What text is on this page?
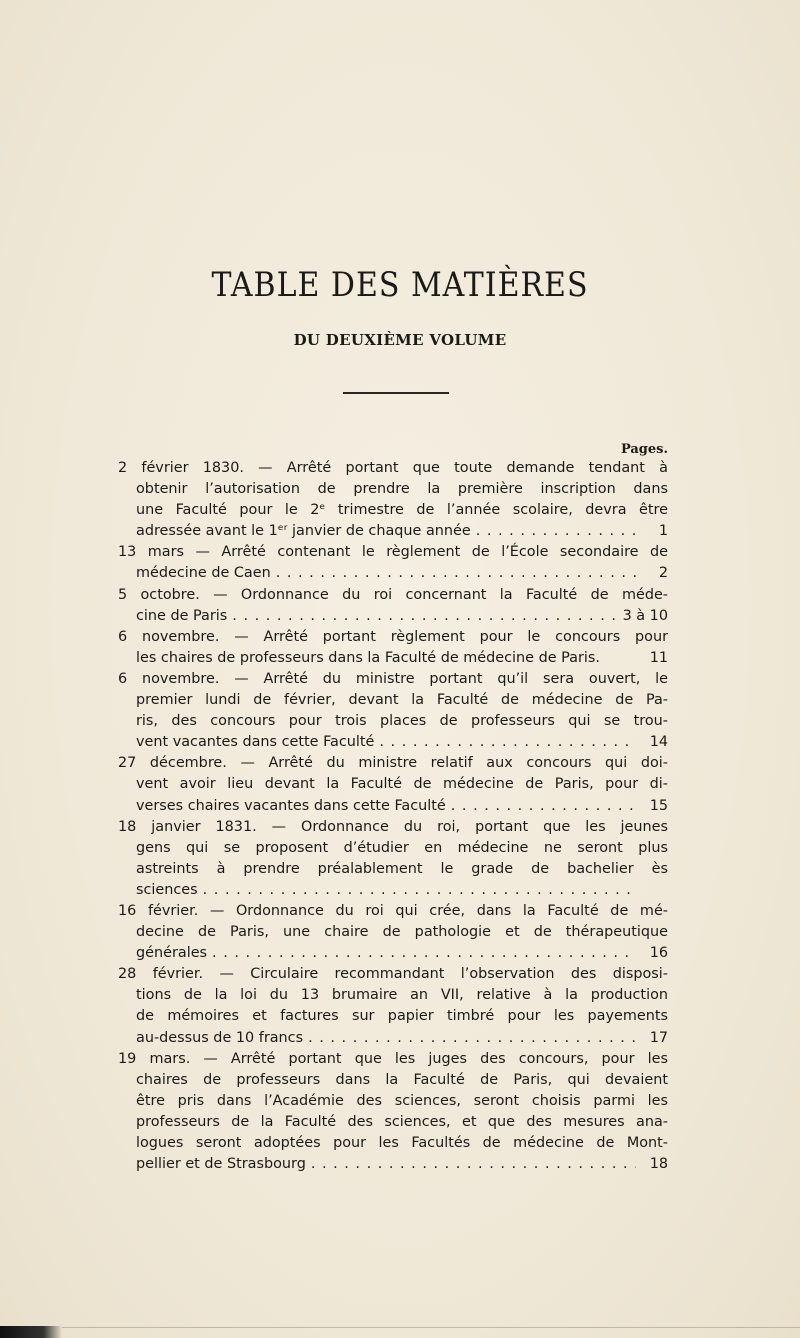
TABLE DES MATIÈRES
DU DEUXIÈME VOLUME
Pages.
2 février 1830. — Arrêté portant que toute demande tendant à
obtenir l’autorisation de prendre la première inscription dans
une Faculté pour le 2ᵉ trimestre de l’année scolaire, devra être
adressée avant le 1ᵉʳ janvier de chaque année . . .	1
13 mars — Arrêté contenant le règlement de l’École secondaire de
médecine de Caen . . .	2
5 octobre. — Ordonnance du roi concernant la Faculté de méde-
cine de Paris . . .	3 à 10
6 novembre. — Arrêté portant règlement pour le concours pour
les chaires de professeurs dans la Faculté de médecine de Paris.	11
6 novembre. — Arrêté du ministre portant qu’il sera ouvert, le
premier lundi de février, devant la Faculté de médecine de Pa-
ris, des concours pour trois places de professeurs qui se trou-
vent vacantes dans cette Faculté . . .	14
27 décembre. — Arrêté du ministre relatif aux concours qui doi-
vent avoir lieu devant la Faculté de médecine de Paris, pour di-
verses chaires vacantes dans cette Faculté . . .	15
18 janvier 1831. — Ordonnance du roi, portant que les jeunes
gens qui se proposent d’étudier en médecine ne seront plus
astreints à prendre préalablement le grade de bachelier ès
sciences
. . .
16 février. — Ordonnance du roi qui crée, dans la Faculté de mé-
decine de Paris, une chaire de pathologie et de thérapeutique
générales . . .	16
28 février. — Circulaire recommandant l’observation des disposi-
tions de la loi du 13 brumaire an VII, relative à la production
de mémoires et factures sur papier timbré pour les payements
au-dessus de 10 francs . . .	17
19 mars. — Arrêté portant que les juges des concours, pour les
chaires de professeurs dans la Faculté de Paris, qui devaient
être pris dans l’Académie des sciences, seront choisis parmi les
professeurs de la Faculté des sciences, et que des mesures ana-
logues seront adoptées pour les Facultés de médecine de Mont-
pellier et de Strasbourg . . .	18
